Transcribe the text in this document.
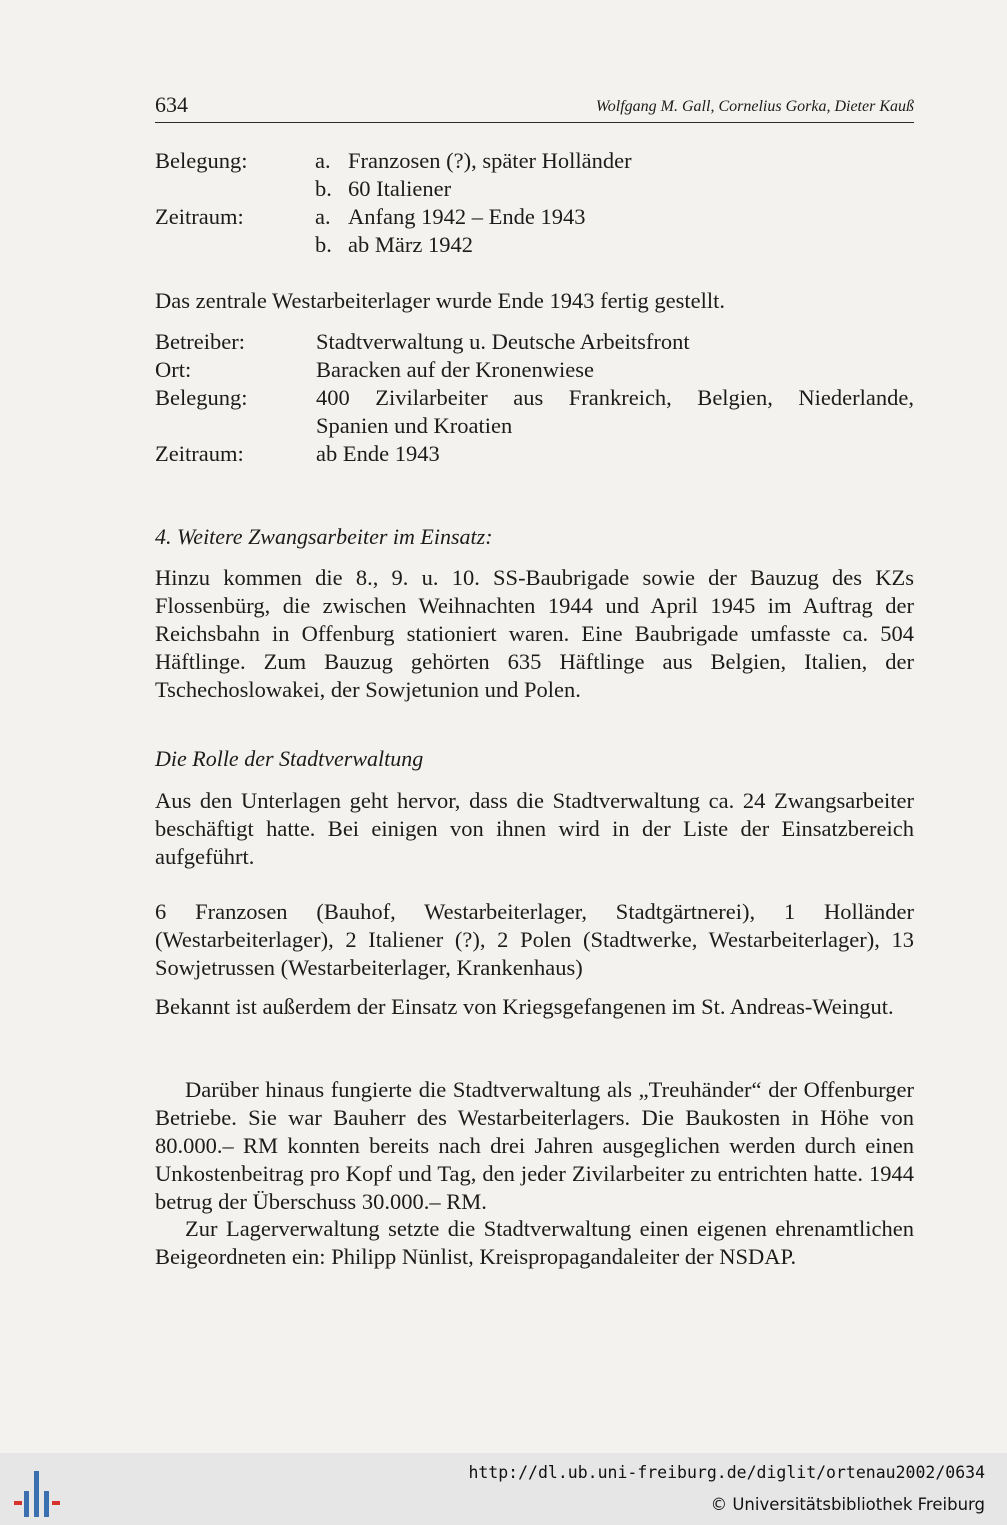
634	Wolfgang M. Gall, Cornelius Gorka, Dieter Kauß
Belegung:	a. Franzosen (?), später Holländer
b. 60 Italiener
Zeitraum:	a. Anfang 1942 – Ende 1943
b. ab März 1942
Das zentrale Westarbeiterlager wurde Ende 1943 fertig gestellt.
Betreiber:	Stadtverwaltung u. Deutsche Arbeitsfront
Ort:	Baracken auf der Kronenwiese
Belegung:	400 Zivilarbeiter aus Frankreich, Belgien, Niederlande,
Spanien und Kroatien
Zeitraum:	ab Ende 1943
4. Weitere Zwangsarbeiter im Einsatz:
Hinzu kommen die 8., 9. u. 10. SS-Baubrigade sowie der Bauzug des KZs Flossenbürg, die zwischen Weihnachten 1944 und April 1945 im Auftrag der Reichsbahn in Offenburg stationiert waren. Eine Baubrigade umfasste ca. 504 Häftlinge. Zum Bauzug gehörten 635 Häftlinge aus Belgien, Italien, der Tschechoslowakei, der Sowjetunion und Polen.
Die Rolle der Stadtverwaltung
Aus den Unterlagen geht hervor, dass die Stadtverwaltung ca. 24 Zwangsarbeiter beschäftigt hatte. Bei einigen von ihnen wird in der Liste der Einsatzbereich aufgeführt.
6 Franzosen (Bauhof, Westarbeiterlager, Stadtgärtnerei), 1 Holländer (Westarbeiterlager), 2 Italiener (?), 2 Polen (Stadtwerke, Westarbeiterlager), 13 Sowjetrussen (Westarbeiterlager, Krankenhaus)
Bekannt ist außerdem der Einsatz von Kriegsgefangenen im St. Andreas-Weingut.
Darüber hinaus fungierte die Stadtverwaltung als „Treuhänder“ der Offenburger Betriebe. Sie war Bauherr des Westarbeiterlagers. Die Baukosten in Höhe von 80.000.– RM konnten bereits nach drei Jahren ausgeglichen werden durch einen Unkostenbeitrag pro Kopf und Tag, den jeder Zivilarbeiter zu entrichten hatte. 1944 betrug der Überschuss 30.000.– RM.
Zur Lagerverwaltung setzte die Stadtverwaltung einen eigenen ehrenamtlichen Beigeordneten ein: Philipp Nünlist, Kreispropagandaleiter der NSDAP.
http://dl.ub.uni-freiburg.de/diglit/ortenau2002/0634
© Universitätsbibliothek Freiburg
